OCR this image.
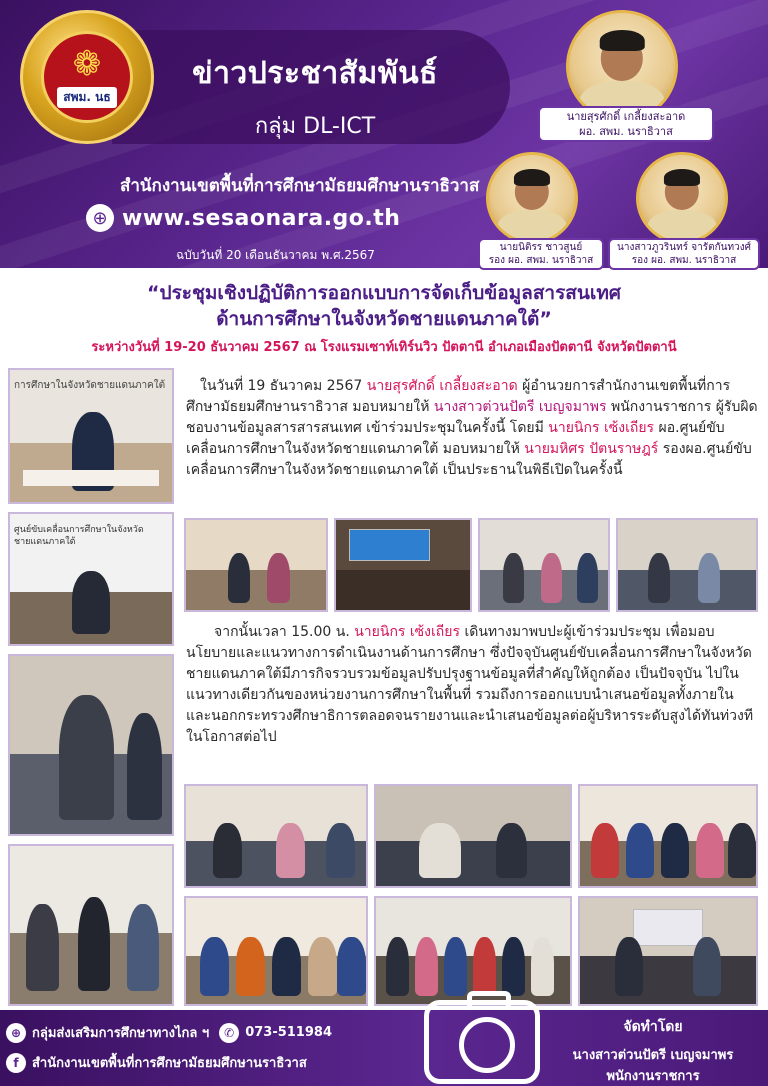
❁
สพม. นธ
ข่าวประชาสัมพันธ์
กลุ่ม DL-ICT
สำนักงานเขตพื้นที่การศึกษามัธยมศึกษานราธิวาส
⊕ www.sesaonara.go.th
ฉบับวันที่ 20 เดือนธันวาคม พ.ศ.2567
นายสุรศักดิ์ เกลี้ยงสะอาด
ผอ. สพม. นราธิวาส
นายนิติรร ชาวสูนย์
รอง ผอ. สพม. นราธิวาส
นางสาวภูวรินทร์ จารัตกันทวงศ์
รอง ผอ. สพม. นราธิวาส
“ประชุมเชิงปฏิบัติการออกแบบการจัดเก็บข้อมูลสารสนเทศ
ด้านการศึกษาในจังหวัดชายแดนภาคใต้”
ระหว่างวันที่ 19-20 ธันวาคม 2567 ณ โรงแรมเซาท์เทิร์นวิว ปัตตานี อำเภอเมืองปัตตานี จังหวัดปัตตานี
การศึกษาในจังหวัดชายแดนภาคใต้
ศูนย์ขับเคลื่อนการศึกษาในจังหวัดชายแดนภาคใต้
ในวันที่ 19 ธันวาคม 2567 นายสุรศักดิ์ เกลี้ยงสะอาด ผู้อำนวยการสำนักงานเขตพื้นที่การศึกษามัธยมศึกษานราธิวาส มอบหมายให้ นางสาวต่วนปัตรี เบญจมาพร พนักงานราชการ ผู้รับผิดชอบงานข้อมูลสารสารสนเทศ เข้าร่วมประชุมในครั้งนี้ โดยมี นายนิกร เซ้งเถียร ผอ.ศูนย์ขับเคลื่อนการศึกษาในจังหวัดชายแดนภาคใต้ มอบหมายให้ นายมหิศร ปัตนราษฎร์ รองผอ.ศูนย์ขับเคลื่อนการศึกษาในจังหวัดชายแดนภาคใต้ เป็นประธานในพิธีเปิดในครั้งนี้
จากนั้นเวลา 15.00 น. นายนิกร เซ้งเถียร เดินทางมาพบปะผู้เข้าร่วมประชุม เพื่อมอบนโยบายและแนวทางการดำเนินงานด้านการศึกษา ซึ่งปัจจุบันศูนย์ขับเคลื่อนการศึกษาในจังหวัดชายแดนภาคใต้มีภารกิจรวบรวมข้อมูลปรับปรุงฐานข้อมูลที่สำคัญให้ถูกต้อง เป็นปัจจุบัน ไปในแนวทางเดียวกันของหน่วยงานการศึกษาในพื้นที่ รวมถึงการออกแบบนำเสนอข้อมูลทั้งภายในและนอกกระทรวงศึกษาธิการตลอดจนรายงานและนำเสนอข้อมูลต่อผู้บริหารระดับสูงได้ทันท่วงที ในโอกาสต่อไป
⊕ กลุ่มส่งเสริมการศึกษาทางไกล ฯ	✆ 073-511984
f	สำนักงานเขตพื้นที่การศึกษามัธยมศึกษานราธิวาส
จัดทำโดย
นางสาวต่วนปัตรี เบญจมาพร
พนักงานราชการ
